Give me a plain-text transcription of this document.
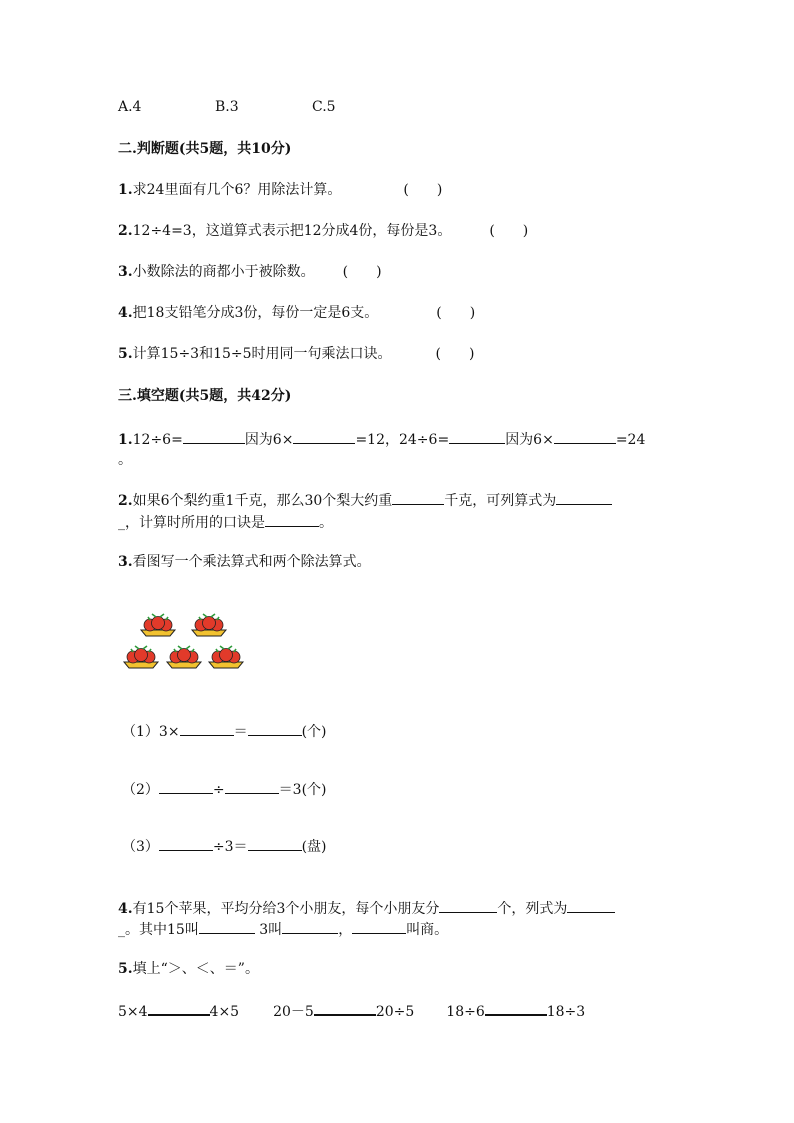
A.4	B.3	C.5
二.判断题(共5题，共10分)
1.求24里面有几个6？用除法计算。	(　　)
2.12÷4=3，这道算式表示把12分成4份，每份是3。	(　　)
3.小数除法的商都小于被除数。 (　　)
4.把18支铅笔分成3份，每份一定是6支。	(　　)
5.计算15÷3和15÷5时用同一句乘法口诀。	(　　)
三.填空题(共5题，共42分)
1.12÷6=	因为6×	=12，24÷6=	因为6×	=24
。
2.如果6个梨约重1千克，那么30个梨大约重	千克，可列算式为
_，计算时所用的口诀是	。
3.看图写一个乘法算式和两个除法算式。
（1）3×	＝	(个)
（2）	÷	＝3(个)
（3）	÷3＝	(盘)
4.有15个苹果，平均分给3个小朋友，每个小朋友分	个，列式为
_。其中15叫	3叫	，	叫商。
5.填上“＞、＜、＝”。
5×4	4×5 20－5	20÷5 18÷6	18÷3
